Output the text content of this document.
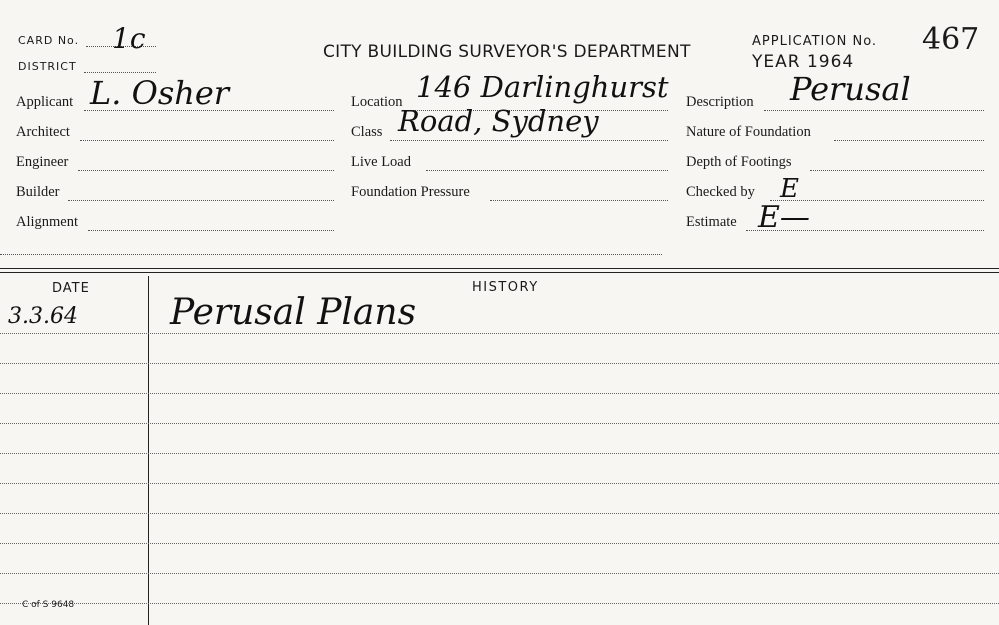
CARD No. 1c
DISTRICT
CITY BUILDING SURVEYOR'S DEPARTMENT
APPLICATION No. 467
YEAR 1964
Applicant L. Osher
Architect
Engineer
Builder
Alignment
Location 146 Darlinghurst
Class Road, Sydney
Live Load
Foundation Pressure
Description Perusal
Nature of Foundation
Depth of Footings
Checked by E
Estimate E—
DATE	HISTORY
3.3.64	Perusal Plans
C of S 9648
